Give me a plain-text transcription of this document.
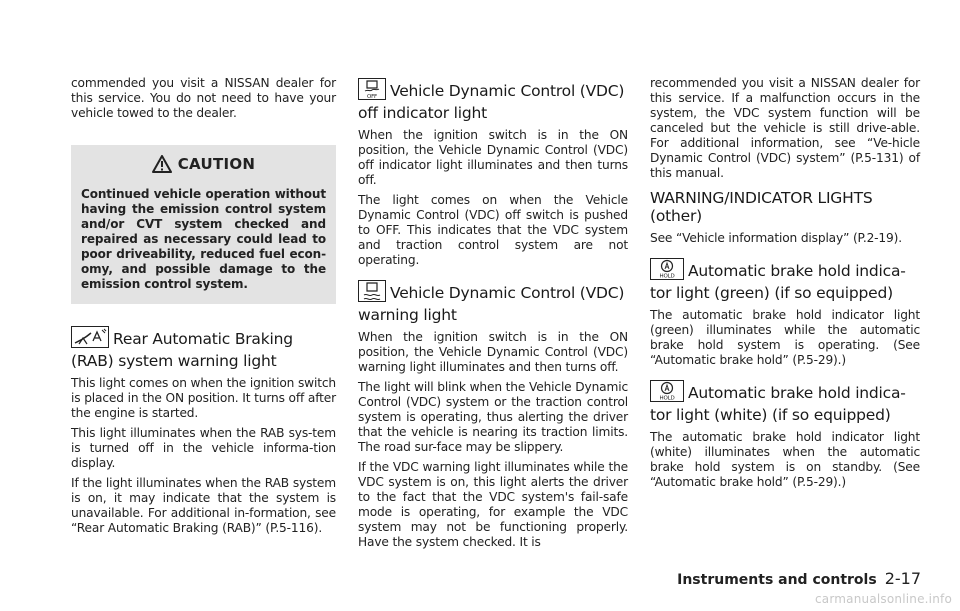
commended you visit a NISSAN dealer for this service. You do not need to have your vehicle towed to the dealer.

CAUTION

Continued vehicle operation without having the emission control system and/or CVT system checked and repaired as necessary could lead to poor driveability, reduced fuel econ-omy, and possible damage to the emission control system.

Rear Automatic Braking (RAB) system warning light

This light comes on when the ignition switch is placed in the ON position. It turns off after the engine is started.

This light illuminates when the RAB sys-tem is turned off in the vehicle informa-tion display.

If the light illuminates when the RAB system is on, it may indicate that the system is unavailable. For additional in-formation, see “Rear Automatic Braking (RAB)” (P.5-116).

OFF Vehicle Dynamic Control (VDC) off indicator light

When the ignition switch is in the ON position, the Vehicle Dynamic Control (VDC) off indicator light illuminates and then turns off.

The light comes on when the Vehicle Dynamic Control (VDC) off switch is pushed to OFF. This indicates that the VDC system and traction control system are not operating.

Vehicle Dynamic Control (VDC) warning light

When the ignition switch is in the ON position, the Vehicle Dynamic Control (VDC) warning light illuminates and then turns off.

The light will blink when the Vehicle Dynamic Control (VDC) system or the traction control system is operating, thus alerting the driver that the vehicle is nearing its traction limits. The road sur-face may be slippery.

If the VDC warning light illuminates while the VDC system is on, this light alerts the driver to the fact that the VDC system's fail-safe mode is operating, for example the VDC system may not be functioning properly. Have the system checked. It is

recommended you visit a NISSAN dealer for this service. If a malfunction occurs in the system, the VDC system function will be canceled but the vehicle is still drive-able. For additional information, see “Ve-hicle Dynamic Control (VDC) system” (P.5-131) of this manual.

WARNING/INDICATOR LIGHTS (other)

See “Vehicle information display” (P.2-19).

HOLD Automatic brake hold indica-tor light (green) (if so equipped)

The automatic brake hold indicator light (green) illuminates while the automatic brake hold system is operating. (See “Automatic brake hold” (P.5-29).)

HOLD Automatic brake hold indica-tor light (white) (if so equipped)

The automatic brake hold indicator light (white) illuminates when the automatic brake hold system is on standby. (See “Automatic brake hold” (P.5-29).)

Instruments and controls 2-17
carmanualsonline.info
